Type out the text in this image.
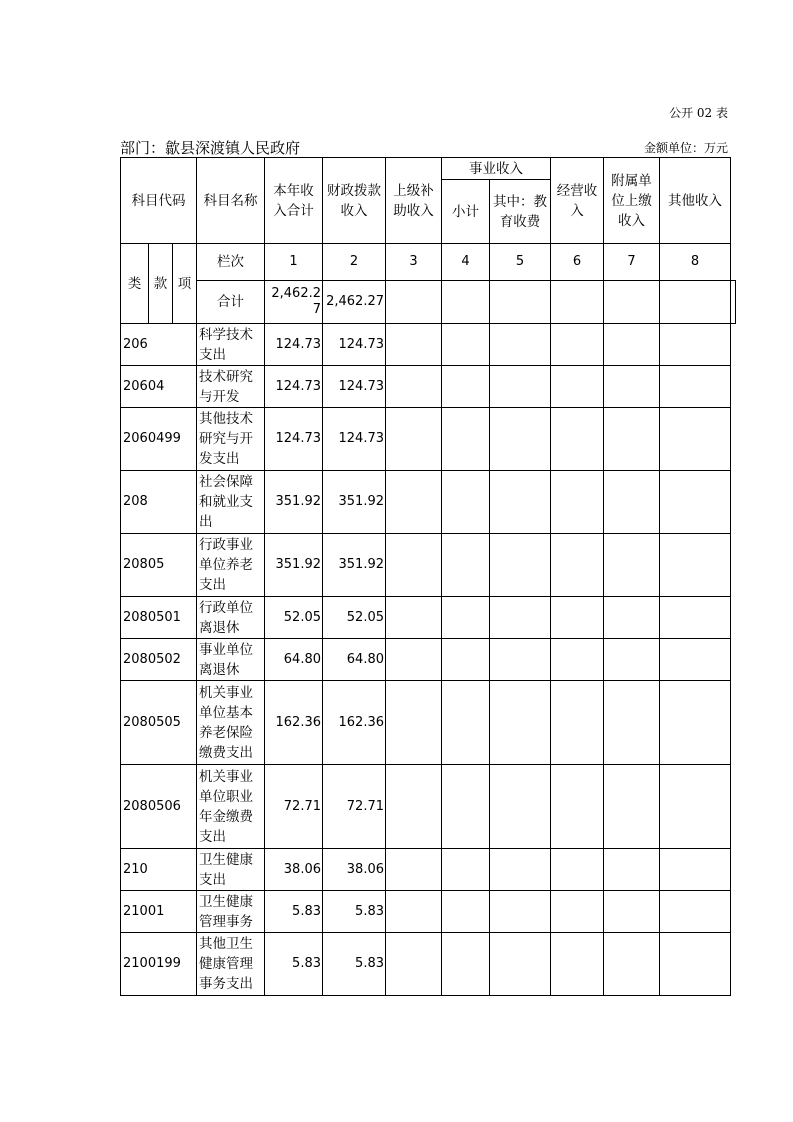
公开 02 表
部门：歙县深渡镇人民政府	金额单位：万元
科目代码			科目名称	本年收入合计	财政拨款收入	上级补助收入	事业收入		经营收入	附属单位上缴收入	其他收入	
							小计	其中：教育收费				
类	款	项	栏次	1	2	3	4	5	6	7	8	
			合计	2,462.27	2,462.27							
206			科学技术支出	124.73	124.73							
20604			技术研究与开发	124.73	124.73							
2060499			其他技术研究与开发支出	124.73	124.73							
208			社会保障和就业支出	351.92	351.92							
20805			行政事业单位养老支出	351.92	351.92							
2080501			行政单位离退休	52.05	52.05							
2080502			事业单位离退休	64.80	64.80							
2080505			机关事业单位基本养老保险缴费支出	162.36	162.36							
2080506			机关事业单位职业年金缴费支出	72.71	72.71							
210			卫生健康支出	38.06	38.06							
21001			卫生健康管理事务	5.83	5.83							
2100199			其他卫生健康管理事务支出	5.83	5.83							
